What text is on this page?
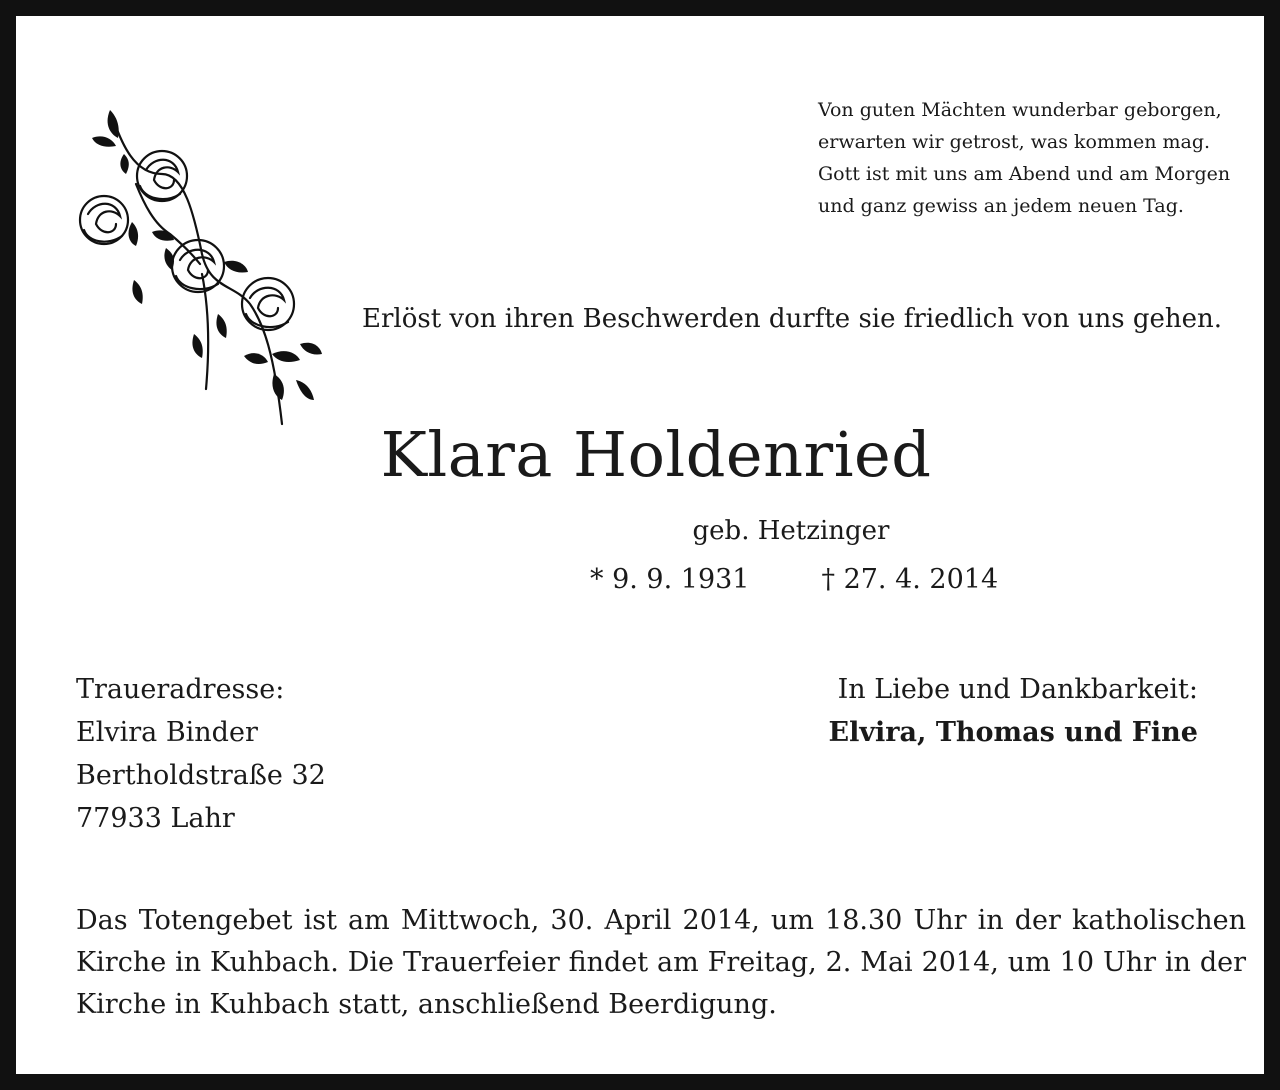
Von guten Mächten wunderbar geborgen,
erwarten wir getrost, was kommen mag.
Gott ist mit uns am Abend und am Morgen
und ganz gewiss an jedem neuen Tag.
Erlöst von ihren Beschwerden durfte sie friedlich von uns gehen.
Klara Holdenried
geb. Hetzinger
* 9. 9. 1931	† 27. 4. 2014
Traueradresse:
Elvira Binder
Bertholdstraße 32
77933 Lahr
In Liebe und Dankbarkeit:
Elvira, Thomas und Fine
Das Totengebet ist am Mittwoch, 30. April 2014, um 18.30 Uhr in der katholischen Kirche in Kuhbach. Die Trauerfeier findet am Freitag, 2. Mai 2014, um 10 Uhr in der Kirche in Kuhbach statt, anschließend Beerdigung.
